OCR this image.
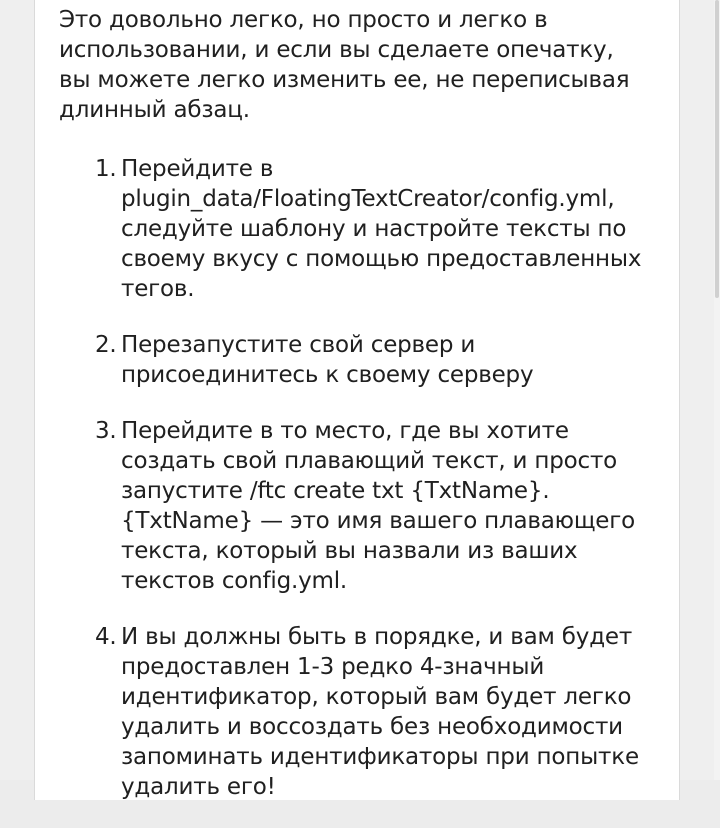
Это довольно легко, но просто и легко в использовании, и если вы сделаете опечатку, вы можете легко изменить ее, не переписывая длинный абзац.

1. Перейдите в plugin_data/FloatingTextCreator/config.yml, следуйте шаблону и настройте тексты по своему вкусу с помощью предоставленных тегов.
2. Перезапустите свой сервер и присоединитесь к своему серверу
3. Перейдите в то место, где вы хотите создать свой плавающий текст, и просто запустите /ftc create txt {TxtName}. {TxtName} — это имя вашего плавающего текста, который вы назвали из ваших текстов config.yml.
4. И вы должны быть в порядке, и вам будет предоставлен 1-3 редко 4-значный идентификатор, который вам будет легко удалить и воссоздать без необходимости запоминать идентификаторы при попытке удалить его!
